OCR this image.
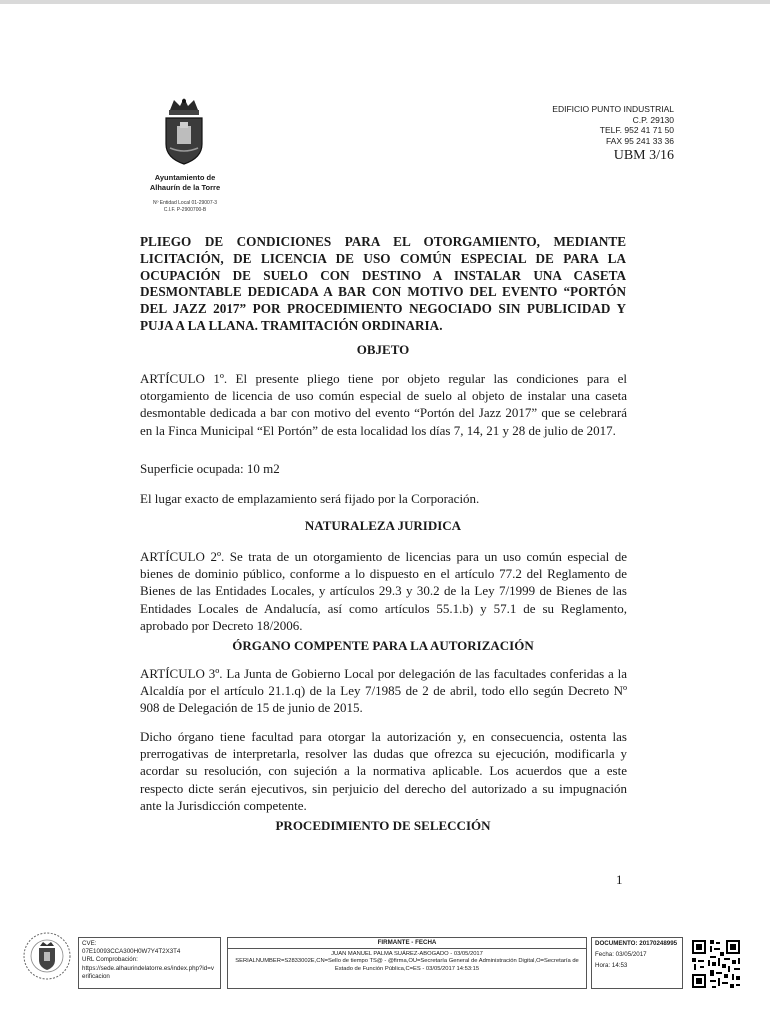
Ayuntamiento de
Alhaurín de la Torre
Nº Entidad Local 01-29007-3
C.I.F. P-2900700-B
EDIFICIO PUNTO INDUSTRIAL
C.P. 29130
TELF. 952 41 71 50
FAX 95 241 33 36
UBM 3/16
PLIEGO DE CONDICIONES PARA EL OTORGAMIENTO, MEDIANTE LICITACIÓN, DE LICENCIA DE USO COMÚN ESPECIAL DE PARA LA OCUPACIÓN DE SUELO CON DESTINO A INSTALAR UNA CASETA DESMONTABLE DEDICADA A BAR CON MOTIVO DEL EVENTO “PORTÓN DEL JAZZ 2017” POR PROCEDIMIENTO NEGOCIADO SIN PUBLICIDAD Y PUJA A LA LLANA. TRAMITACIÓN ORDINARIA.
OBJETO
ARTÍCULO 1º. El presente pliego tiene por objeto regular las condiciones para el otorgamiento de licencia de uso común especial de suelo al objeto de instalar una caseta desmontable dedicada a bar con motivo del evento “Portón del Jazz 2017” que se celebrará en la Finca Municipal “El Portón” de esta localidad los días 7, 14, 21 y 28 de julio de 2017.
Superficie ocupada: 10 m2
El lugar exacto de emplazamiento será fijado por la Corporación.
NATURALEZA JURIDICA
ARTÍCULO 2º. Se trata de un otorgamiento de licencias para un uso común especial de bienes de dominio público, conforme a lo dispuesto en el artículo 77.2 del Reglamento de Bienes de las Entidades Locales, y artículos 29.3 y 30.2 de la Ley 7/1999 de Bienes de las Entidades Locales de Andalucía, así como artículos 55.1.b) y 57.1 de su Reglamento, aprobado por Decreto 18/2006.
ÓRGANO COMPENTE PARA LA AUTORIZACIÓN
ARTÍCULO 3º. La Junta de Gobierno Local por delegación de las facultades conferidas a la Alcaldía por el artículo 21.1.q) de la Ley 7/1985 de 2 de abril, todo ello según Decreto Nº 908 de Delegación de 15 de junio de 2015.
Dicho órgano tiene facultad para otorgar la autorización y, en consecuencia, ostenta las prerrogativas de interpretarla, resolver las dudas que ofrezca su ejecución, modificarla y acordar su resolución, con sujeción a la normativa aplicable. Los acuerdos que a este respecto dicte serán ejecutivos, sin perjuicio del derecho del autorizado a su impugnación ante la Jurisdicción competente.
PROCEDIMIENTO DE SELECCIÓN
1
CVE:
07E10093CCA300H0W7Y4T2X3T4
URL Comprobación:
https://sede.alhaurindelatorre.es/index.php?id=verificacion
FIRMANTE - FECHA
JUAN MANUEL PALMA SUÁREZ-ABOGADO - 03/05/2017
SERIALNUMBER=S2833002E,CN=Sello de tiempo TS@ - @firma,OU=Secretaría General de Administración Digital,O=Secretaría de Estado de Función Pública,C=ES - 03/05/2017 14:53:15
DOCUMENTO: 20170248995
Fecha: 03/05/2017
Hora: 14:53
